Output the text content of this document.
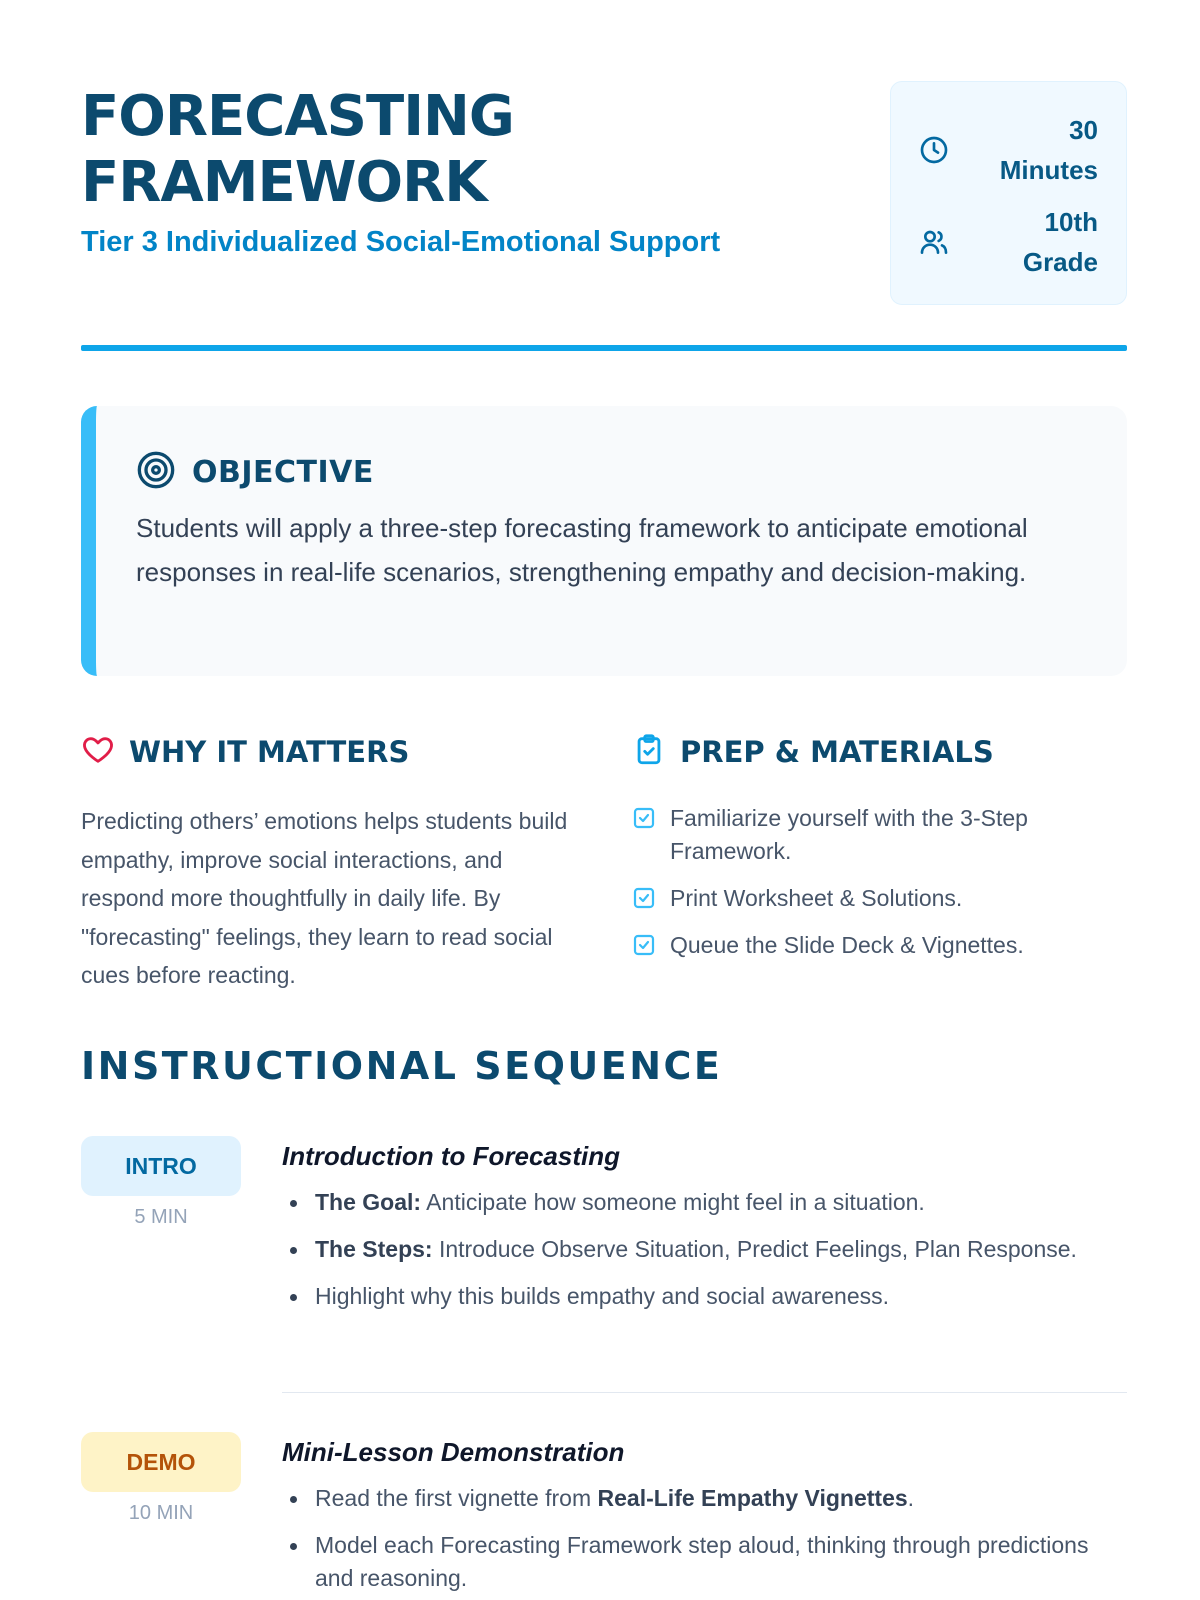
FORECASTING
FRAMEWORK
Tier 3 Individualized Social-Emotional Support
30
Minutes
10th
Grade
OBJECTIVE
Students will apply a three-step forecasting framework to anticipate emotional responses in real-life scenarios, strengthening empathy and decision-making.
WHY IT MATTERS
Predicting others’ emotions helps students build empathy, improve social interactions, and respond more thoughtfully in daily life. By "forecasting" feelings, they learn to read social cues before reacting.
PREP & MATERIALS
Familiarize yourself with the 3-Step Framework.
Print Worksheet & Solutions.
Queue the Slide Deck & Vignettes.
INSTRUCTIONAL SEQUENCE
INTRO
5 MIN
Introduction to Forecasting
The Goal: Anticipate how someone might feel in a situation.
The Steps: Introduce Observe Situation, Predict Feelings, Plan Response.
Highlight why this builds empathy and social awareness.
DEMO
10 MIN
Mini-Lesson Demonstration
Read the first vignette from Real-Life Empathy Vignettes.
Model each Forecasting Framework step aloud, thinking through predictions and reasoning.
